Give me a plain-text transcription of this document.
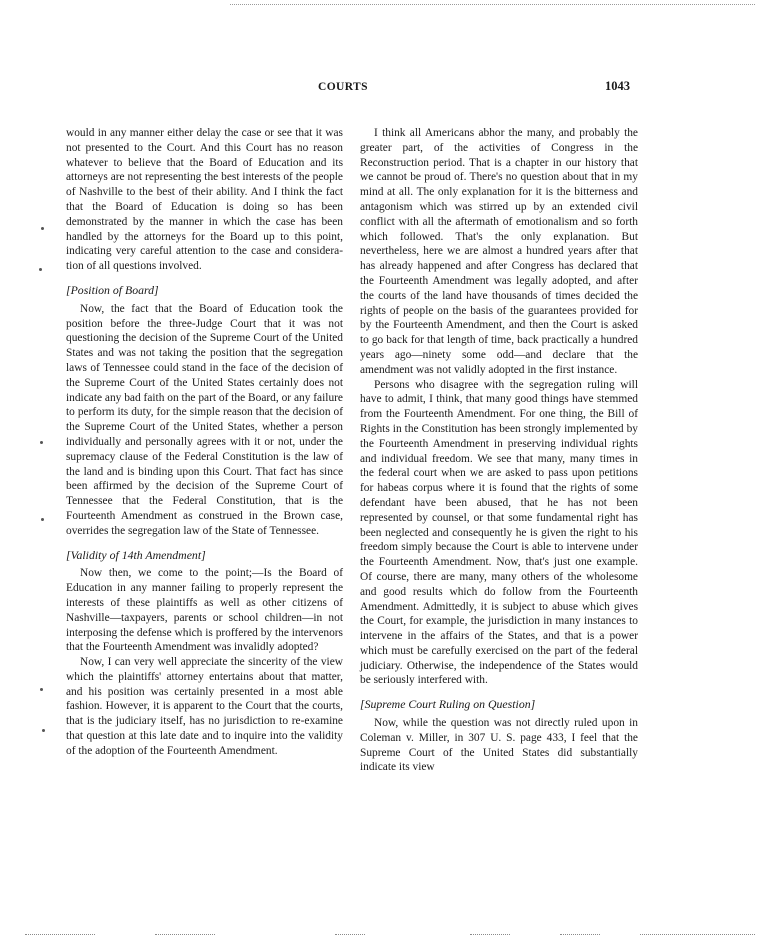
COURTS	1043

would in any manner either delay the case or see that it was not presented to the Court. And this Court has no reason whatever to believe that the Board of Education and its attorneys are not representing the best interests of the people of Nashville to the best of their ability. And I think the fact that the Board of Education is doing so has been demonstrated by the manner in which the case has been handled by the attorneys for the Board up to this point, indicating very careful attention to the case and consideration of all questions involved.

[Position of Board]

Now, the fact that the Board of Education took the position before the three-Judge Court that it was not questioning the decision of the Supreme Court of the United States and was not taking the position that the segregation laws of Tennessee could stand in the face of the decision of the Supreme Court of the United States certainly does not indicate any bad faith on the part of the Board, or any failure to perform its duty, for the simple reason that the decision of the Supreme Court of the United States, whether a person individually and personally agrees with it or not, under the supremacy clause of the Federal Constitution is the law of the land and is binding upon this Court. That fact has since been affirmed by the decision of the Supreme Court of Tennessee that the Federal Constitution, that is the Fourteenth Amendment as construed in the Brown case, overrides the segregation law of the State of Tennessee.

[Validity of 14th Amendment]

Now then, we come to the point;—Is the Board of Education in any manner failing to properly represent the interests of these plaintiffs as well as other citizens of Nashville—taxpayers, parents or school children—in not interposing the defense which is proffered by the intervenors that the Fourteenth Amendment was invalidly adopted?

Now, I can very well appreciate the sincerity of the view which the plaintiffs' attorney entertains about that matter, and his position was certainly presented in a most able fashion. However, it is apparent to the Court that the courts, that is the judiciary itself, has no jurisdiction to re-examine that question at this late date and to inquire into the validity of the adoption of the Fourteenth Amendment.

I think all Americans abhor the many, and probably the greater part, of the activities of Congress in the Reconstruction period. That is a chapter in our history that we cannot be proud of. There's no question about that in my mind at all. The only explanation for it is the bitterness and antagonism which was stirred up by an extended civil conflict with all the aftermath of emotionalism and so forth which followed. That's the only explanation. But nevertheless, here we are almost a hundred years after that has already happened and after Congress has declared that the Fourteenth Amendment was legally adopted, and after the courts of the land have thousands of times decided the rights of people on the basis of the guarantees provided for by the Fourteenth Amendment, and then the Court is asked to go back for that length of time, back practically a hundred years ago—ninety some odd—and declare that the amendment was not validly adopted in the first instance.

Persons who disagree with the segregation ruling will have to admit, I think, that many good things have stemmed from the Fourteenth Amendment. For one thing, the Bill of Rights in the Constitution has been strongly implemented by the Fourteenth Amendment in preserving individual rights and individual freedom. We see that many, many times in the federal court when we are asked to pass upon petitions for habeas corpus where it is found that the rights of some defendant have been abused, that he has not been represented by counsel, or that some fundamental right has been neglected and consequently he is given the right to his freedom simply because the Court is able to intervene under the Fourteenth Amendment. Now, that's just one example. Of course, there are many, many others of the wholesome and good results which do follow from the Fourteenth Amendment. Admittedly, it is subject to abuse which gives the Court, for example, the jurisdiction in many instances to intervene in the affairs of the States, and that is a power which must be carefully exercised on the part of the federal judiciary. Otherwise, the independence of the States would be seriously interfered with.

[Supreme Court Ruling on Question]

Now, while the question was not directly ruled upon in Coleman v. Miller, in 307 U. S. page 433, I feel that the Supreme Court of the United States did substantially indicate its view
